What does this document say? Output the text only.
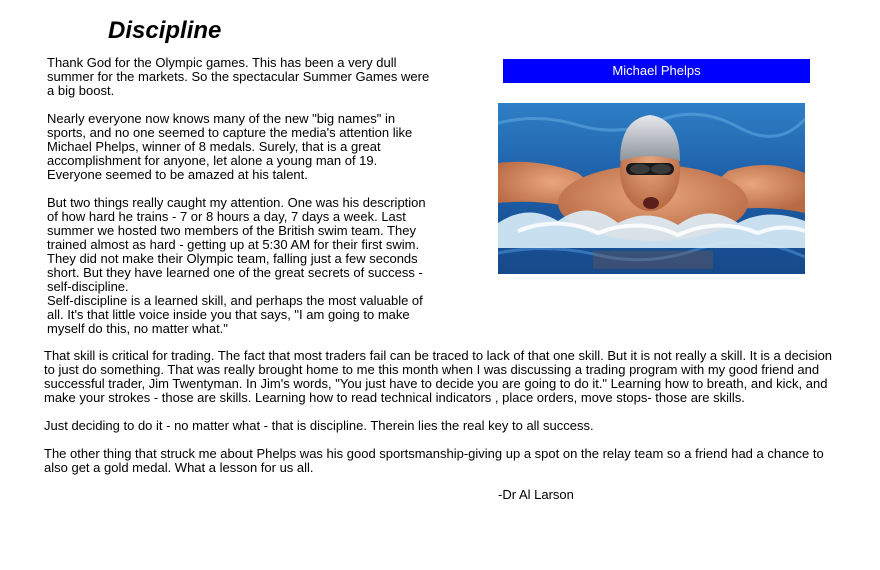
Discipline

Thank God for the Olympic games. This has been a very dull summer for the markets. So the spectacular Summer Games were a big boost.

Nearly everyone now knows many of the new "big names" in sports, and no one seemed to capture the media's attention like Michael Phelps, winner of 8 medals. Surely, that is a great accomplishment for anyone, let alone a young man of 19. Everyone seemed to be amazed at his talent.

But two things really caught my attention. One was his description of how hard he trains - 7 or 8 hours a day, 7 days a week. Last summer we hosted two members of the British swim team. They trained almost as hard - getting up at 5:30 AM for their first swim. They did not make their Olympic team, falling just a few seconds short. But they have learned one of the great secrets of success - self-discipline.

Self-discipline is a learned skill, and perhaps the most valuable of all. It's that little voice inside you that says, "I am going to make myself do this, no matter what."

Michael Phelps

That skill is critical for trading. The fact that most traders fail can be traced to lack of that one skill. But it is not really a skill. It is a decision to just do something. That was really brought home to me this month when I was discussing a trading program with my good friend and successful trader, Jim Twentyman. In Jim's words, "You just have to decide you are going to do it." Learning how to breath, and kick, and make your strokes - those are skills. Learning how to read technical indicators , place orders, move stops- those are skills.

Just deciding to do it - no matter what - that is discipline. Therein lies the real key to all success.

The other thing that struck me about Phelps was his good sportsmanship-giving up a spot on the relay team so a friend had a chance to also get a gold medal. What a lesson for us all.

-Dr Al Larson
